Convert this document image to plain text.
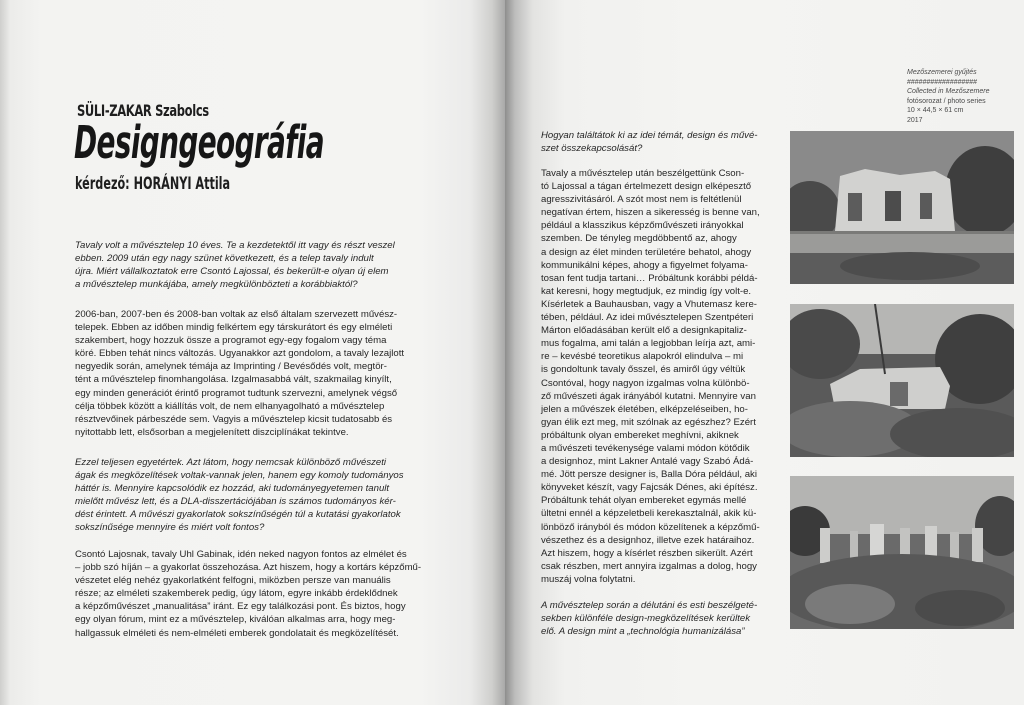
SÜLI-ZAKAR Szabolcs
Designgeográfia
kérdező: HORÁNYI Attila

Tavaly volt a művésztelep 10 éves. Te a kezdetektől itt vagy és részt veszel
ebben. 2009 után egy nagy szünet következett, és a telep tavaly indult
újra. Miért vállalkoztatok erre Csontó Lajossal, és bekerült-e olyan új elem
a művésztelep munkájába, amely megkülönbözteti a korábbiaktól?

2006-ban, 2007-ben és 2008-ban voltak az első általam szervezett művész-
telepek. Ebben az időben mindig felkértem egy társkurátort és egy elméleti
szakembert, hogy hozzuk össze a programot egy-egy fogalom vagy téma
köré. Ebben tehát nincs változás. Ugyanakkor azt gondolom, a tavaly lezajlott
negyedik során, amelynek témája az Imprinting / Bevésődés volt, megtör-
tént a művésztelep finomhangolása. Izgalmasabbá vált, szakmailag kinyílt,
egy minden generációt érintő programot tudtunk szervezni, amelynek végső
célja többek között a kiállítás volt, de nem elhanyagolható a művésztelep
résztvevőinek párbeszéde sem. Vagyis a művésztelep kicsit tudatosabb és
nyitottabb lett, elsősorban a megjelenített diszciplínákat tekintve.

Ezzel teljesen egyetértek. Azt látom, hogy nemcsak különböző művészeti
ágak és megközelítések voltak-vannak jelen, hanem egy komoly tudományos
háttér is. Mennyire kapcsolódik ez hozzád, aki tudományegyetemen tanult
mielőtt művész lett, és a DLA-disszertációjában is számos tudományos kér-
dést érintett. A művészi gyakorlatok sokszínűségén túl a kutatási gyakorlatok
sokszínűsége mennyire és miért volt fontos?

Csontó Lajosnak, tavaly Uhl Gabinak, idén neked nagyon fontos az elmélet és
– jobb szó híján – a gyakorlat összehozása. Azt hiszem, hogy a kortárs képzőmű-
vészetet elég nehéz gyakorlatként felfogni, miközben persze van manuális
része; az elméleti szakemberek pedig, úgy látom, egyre inkább érdeklődnek
a képzőművészet „manualitása” iránt. Ez egy találkozási pont. És biztos, hogy
egy olyan fórum, mint ez a művésztelep, kiválóan alkalmas arra, hogy meg-
hallgassuk elméleti és nem-elméleti emberek gondolatait és megközelítését.

Mezőszemerei gyűjtés
##################
Collected in Mezőszemere
fotósorozat / photo series
10 × 44,5 × 61 cm
2017

Hogyan találtátok ki az idei témát, design és művé-
szet összekapcsolását?

Tavaly a művésztelep után beszélgettünk Cson-
tó Lajossal a tágan értelmezett design elképesztő
agresszivitásáról. A szót most nem is feltétlenül
negatívan értem, hiszen a sikeresség is benne van,
például a klasszikus képzőművészeti irányokkal
szemben. De tényleg megdöbbentő az, ahogy
a design az élet minden területére behatol, ahogy
kommunikálni képes, ahogy a figyelmet folyama-
tosan fent tudja tartani… Próbáltunk korábbi példá-
kat keresni, hogy megtudjuk, ez mindig így volt-e.
Kísérletek a Bauhausban, vagy a Vhutemasz kere-
tében, például. Az idei művésztelepen Szentpéteri
Márton előadásában került elő a designkapitaliz-
mus fogalma, ami talán a legjobban leírja azt, ami-
re – kevésbé teoretikus alapokról elindulva – mi
is gondoltunk tavaly ősszel, és amiről úgy véltük
Csontóval, hogy nagyon izgalmas volna különbö-
ző művészeti ágak irányából kutatni. Mennyire van
jelen a művészek életében, elképzeléseiben, ho-
gyan élik ezt meg, mit szólnak az egészhez? Ezért
próbáltunk olyan embereket meghívni, akiknek
a művészeti tevékenysége valami módon kötődik
a designhoz, mint Lakner Antalé vagy Szabó Ádá-
mé. Jött persze designer is, Balla Dóra például, aki
könyveket készít, vagy Fajcsák Dénes, aki építész.
Próbáltunk tehát olyan embereket egymás mellé
ültetni ennél a képzeletbeli kerekasztalnál, akik kü-
lönböző irányból és módon közelítenek a képzőmű-
vészethez és a designhoz, illetve ezek határaihoz.
Azt hiszem, hogy a kísérlet részben sikerült. Azért
csak részben, mert annyira izgalmas a dolog, hogy
muszáj volna folytatni.

A művésztelep során a délutáni és esti beszélgeté-
sekben különféle design-megközelítések kerültek
elő. A design mint a „technológia humanizálása”
